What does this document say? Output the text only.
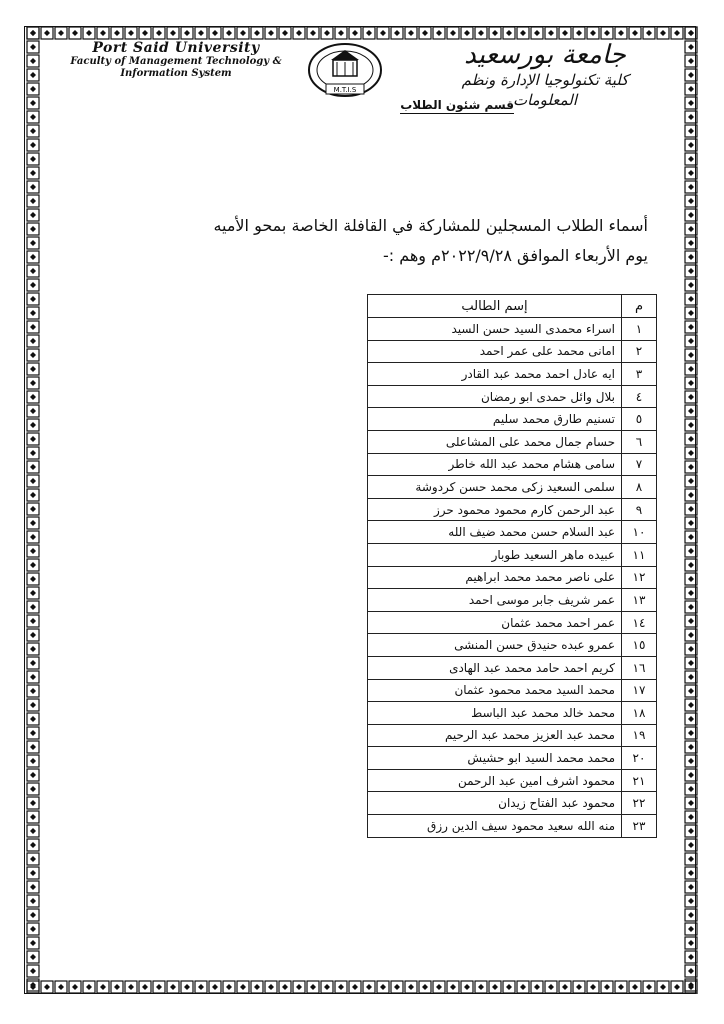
Port Said University
Faculty of Management Technology &
Information System
M.T.I.S
جامعة بورسعيد
كلية تكنولوجيا الإدارة ونظم المعلومات
قسم شئون الطلاب
أسماء الطلاب المسجلين للمشاركة في القافلة الخاصة بمحو الأميه
يوم الأربعاء الموافق ٢٠٢٢/٩/٢٨م وهم :-
م	إسم الطالب
١	اسراء محمدى السيد حسن السيد
٢	امانى محمد على عمر احمد
٣	ايه عادل احمد محمد عبد القادر
٤	بلال وائل حمدى ابو رمضان
٥	تسنيم طارق محمد سليم
٦	حسام جمال محمد على المشاعلى
٧	سامى هشام محمد عبد الله خاطر
٨	سلمى السعيد زكى محمد حسن كردوشة
٩	عبد الرحمن كارم محمود محمود حرز
١٠	عبد السلام حسن محمد ضيف الله
١١	عبيده ماهر السعيد طوبار
١٢	على ناصر محمد محمد ابراهيم
١٣	عمر شريف جابر موسى احمد
١٤	عمر احمد محمد عثمان
١٥	عمرو عبده حنيدق حسن المنشى
١٦	كريم احمد حامد محمد عبد الهادى
١٧	محمد السيد محمد محمود عثمان
١٨	محمد خالد محمد عبد الباسط
١٩	محمد عبد العزيز محمد عبد الرحيم
٢٠	محمد محمد السيد ابو حشيش
٢١	محمود اشرف امين عبد الرحمن
٢٢	محمود عبد الفتاح زيدان
٢٣	منه الله سعيد محمود سيف الدين رزق
